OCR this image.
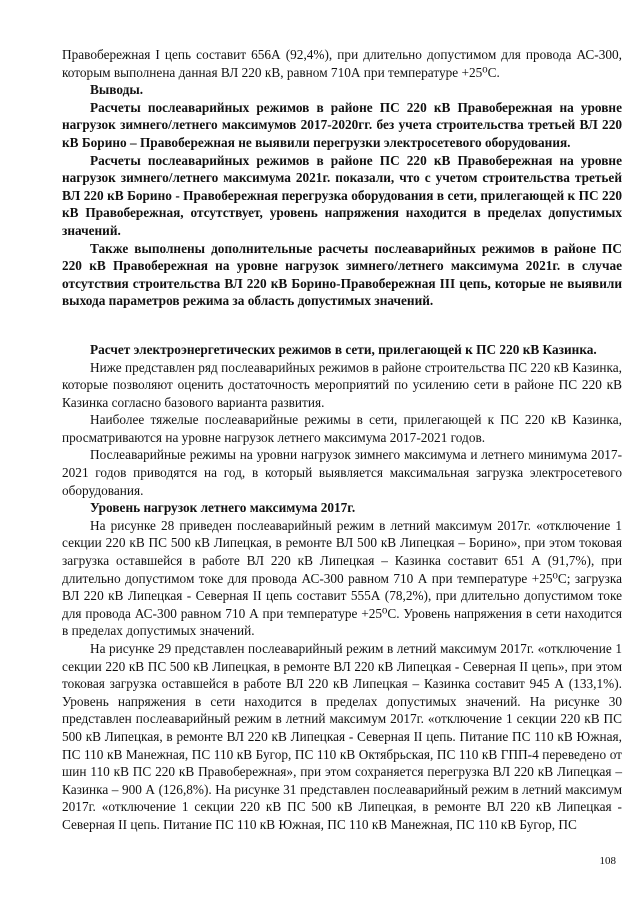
Правобережная I цепь составит 656А (92,4%), при длительно допустимом для провода АС-300, которым выполнена данная ВЛ 220 кВ, равном 710А при температуре +25⁰С.

Выводы.

Расчеты послеаварийных режимов в районе ПС 220 кВ Правобережная на уровне нагрузок зимнего/летнего максимумов 2017-2020гг. без учета строительства третьей ВЛ 220 кВ Борино – Правобережная не выявили перегрузки электросетевого оборудования.

Расчеты послеаварийных режимов в районе ПС 220 кВ Правобережная на уровне нагрузок зимнего/летнего максимума 2021г. показали, что с учетом строительства третьей ВЛ 220 кВ Борино - Правобережная перегрузка оборудования в сети, прилегающей к ПС 220 кВ Правобережная, отсутствует, уровень напряжения находится в пределах допустимых значений.

Также выполнены дополнительные расчеты послеаварийных режимов в районе ПС 220 кВ Правобережная на уровне нагрузок зимнего/летнего максимума 2021г. в случае отсутствия строительства ВЛ 220 кВ Борино-Правобережная III цепь, которые не выявили выхода параметров режима за область допустимых значений.

Расчет электроэнергетических режимов в сети, прилегающей к ПС 220 кВ Казинка.

Ниже представлен ряд послеаварийных режимов в районе строительства ПС 220 кВ Казинка, которые позволяют оценить достаточность мероприятий по усилению сети в районе ПС 220 кВ Казинка согласно базового варианта развития.

Наиболее тяжелые послеаварийные режимы в сети, прилегающей к ПС 220 кВ Казинка, просматриваются на уровне нагрузок летнего максимума 2017-2021 годов.

Послеаварийные режимы на уровни нагрузок зимнего максимума и летнего минимума 2017-2021 годов приводятся на год, в который выявляется максимальная загрузка электросетевого оборудования.

Уровень нагрузок летнего максимума 2017г.

На рисунке 28 приведен послеаварийный режим в летний максимум 2017г. «отключение 1 секции 220 кВ ПС 500 кВ Липецкая, в ремонте ВЛ 500 кВ Липецкая – Борино», при этом токовая загрузка оставшейся в работе ВЛ 220 кВ Липецкая – Казинка составит 651 А (91,7%), при длительно допустимом токе для провода АС-300 равном 710 А при температуре +25⁰С; загрузка ВЛ 220 кВ Липецкая - Северная II цепь составит 555А (78,2%), при длительно допустимом токе для провода АС-300 равном 710 А при температуре +25⁰С. Уровень напряжения в сети находится в пределах допустимых значений.

На рисунке 29 представлен послеаварийный режим в летний максимум 2017г. «отключение 1 секции 220 кВ ПС 500 кВ Липецкая, в ремонте ВЛ 220 кВ Липецкая - Северная II цепь», при этом токовая загрузка оставшейся в работе ВЛ 220 кВ Липецкая – Казинка составит 945 А (133,1%). Уровень напряжения в сети находится в пределах допустимых значений. На рисунке 30 представлен послеаварийный режим в летний максимум 2017г. «отключение 1 секции 220 кВ ПС 500 кВ Липецкая, в ремонте ВЛ 220 кВ Липецкая - Северная II цепь. Питание ПС 110 кВ Южная, ПС 110 кВ Манежная, ПС 110 кВ Бугор, ПС 110 кВ Октябрьская, ПС 110 кВ ГПП-4 переведено от шин 110 кВ ПС 220 кВ Правобережная», при этом сохраняется перегрузка ВЛ 220 кВ Липецкая – Казинка – 900 А (126,8%). На рисунке 31 представлен послеаварийный режим в летний максимум 2017г. «отключение 1 секции 220 кВ ПС 500 кВ Липецкая, в ремонте ВЛ 220 кВ Липецкая - Северная II цепь. Питание ПС 110 кВ Южная, ПС 110 кВ Манежная, ПС 110 кВ Бугор, ПС

108
